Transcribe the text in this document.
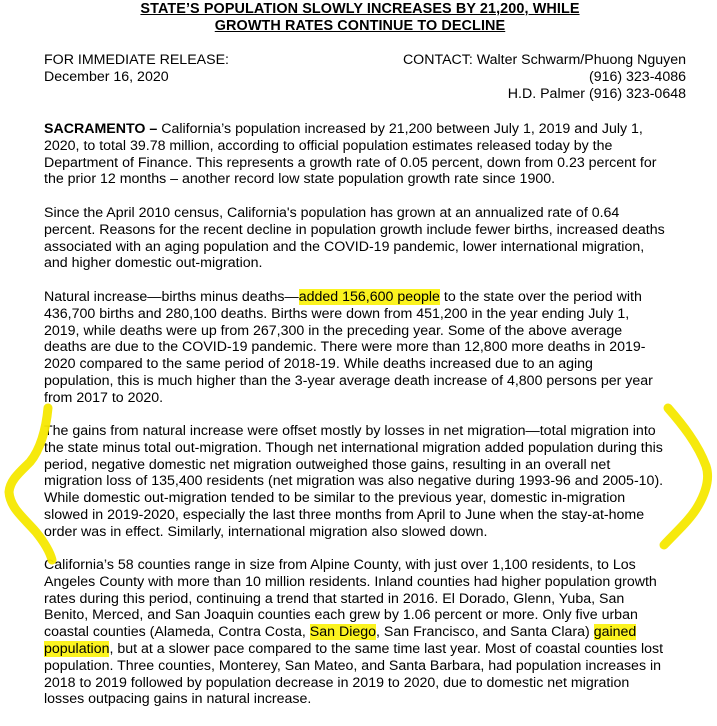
STATE’S POPULATION SLOWLY INCREASES BY 21,200, WHILE
GROWTH RATES CONTINUE TO DECLINE
FOR IMMEDIATE RELEASE:
December 16, 2020
CONTACT: Walter Schwarm/Phuong Nguyen
(916) 323-4086
H.D. Palmer (916) 323-0648
SACRAMENTO – California’s population increased by 21,200 between July 1, 2019 and July 1,
2020, to total 39.78 million, according to official population estimates released today by the
Department of Finance. This represents a growth rate of 0.05 percent, down from 0.23 percent for
the prior 12 months – another record low state population growth rate since 1900.
Since the April 2010 census, California's population has grown at an annualized rate of 0.64
percent. Reasons for the recent decline in population growth include fewer births, increased deaths
associated with an aging population and the COVID-19 pandemic, lower international migration,
and higher domestic out-migration.
Natural increase—births minus deaths—added 156,600 people to the state over the period with
436,700 births and 280,100 deaths. Births were down from 451,200 in the year ending July 1,
2019, while deaths were up from 267,300 in the preceding year. Some of the above average
deaths are due to the COVID-19 pandemic. There were more than 12,800 more deaths in 2019-
2020 compared to the same period of 2018-19. While deaths increased due to an aging
population, this is much higher than the 3-year average death increase of 4,800 persons per year
from 2017 to 2020.
The gains from natural increase were offset mostly by losses in net migration—total migration into
the state minus total out-migration. Though net international migration added population during this
period, negative domestic net migration outweighed those gains, resulting in an overall net
migration loss of 135,400 residents (net migration was also negative during 1993-96 and 2005-10).
While domestic out-migration tended to be similar to the previous year, domestic in-migration
slowed in 2019-2020, especially the last three months from April to June when the stay-at-home
order was in effect. Similarly, international migration also slowed down.
California’s 58 counties range in size from Alpine County, with just over 1,100 residents, to Los
Angeles County with more than 10 million residents. Inland counties had higher population growth
rates during this period, continuing a trend that started in 2016. El Dorado, Glenn, Yuba, San
Benito, Merced, and San Joaquin counties each grew by 1.06 percent or more. Only five urban
coastal counties (Alameda, Contra Costa, San Diego, San Francisco, and Santa Clara) gained
population, but at a slower pace compared to the same time last year. Most of coastal counties lost
population. Three counties, Monterey, San Mateo, and Santa Barbara, had population increases in
2018 to 2019 followed by population decrease in 2019 to 2020, due to domestic net migration
losses outpacing gains in natural increase.
